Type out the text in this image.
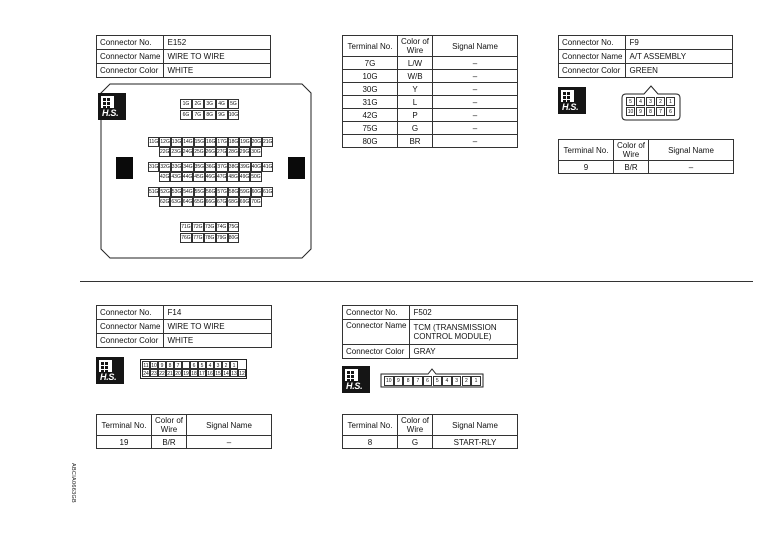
Connector No.	E152
Connector Name	WIRE TO WIRE
Connector Color	WHITE
H.S.
1G	2G	3G	4G	5G
6G	7G	8G	9G 10G
11G 12G 13G 14G 15G 16G 17G 18G 19G 20G 21G
22G 23G 24G 25G 26G 27G 28G 29G 30G
31G 32G 33G 34G 35G 36G 37G 38G 39G 40G 41G
42G 43G 44G 45G 46G 47G 48G 49G 50G
51G 52G 53G 54G 55G 56G 57G 58G 59G 60G 61G
62G 63G 64G 65G 66G 67G 68G 69G 70G
71G 72G 73G 74G 75G
76G 77G 78G 79G 80G
Terminal No.	Color of Wire	Signal Name
7G	L/W	–
10G	W/B	–
30G	Y	–
31G	L	–
42G	P	–
75G	G	–
80G	BR	–
Connector No.	F9
Connector Name	A/T ASSEMBLY
Connector Color	GREEN
H.S.	5	4	3	2	1
10	9	8	7	6
Terminal No.	Color of Wire	Signal Name
9	B/R	–
Connector No.	F14
Connector Name	WIRE TO WIRE
Connector Color	WHITE
H.S.
11 10 9	8	7	6	5	4	3	2	1
24 23 22 21 20 19 18 17 16 15 14 13 12
Terminal No.	Color of Wire	Signal Name
19	B/R	–
Connector No.	F502
Connector Name	TCM (TRANSMISSION CONTROL MODULE)
Connector Color	GRAY
H.S.	10	9	8	7	6	5	4	3	2	1
Terminal No.	Color of Wire	Signal Name
8	G	START-RLY
ABCIA0663GB
